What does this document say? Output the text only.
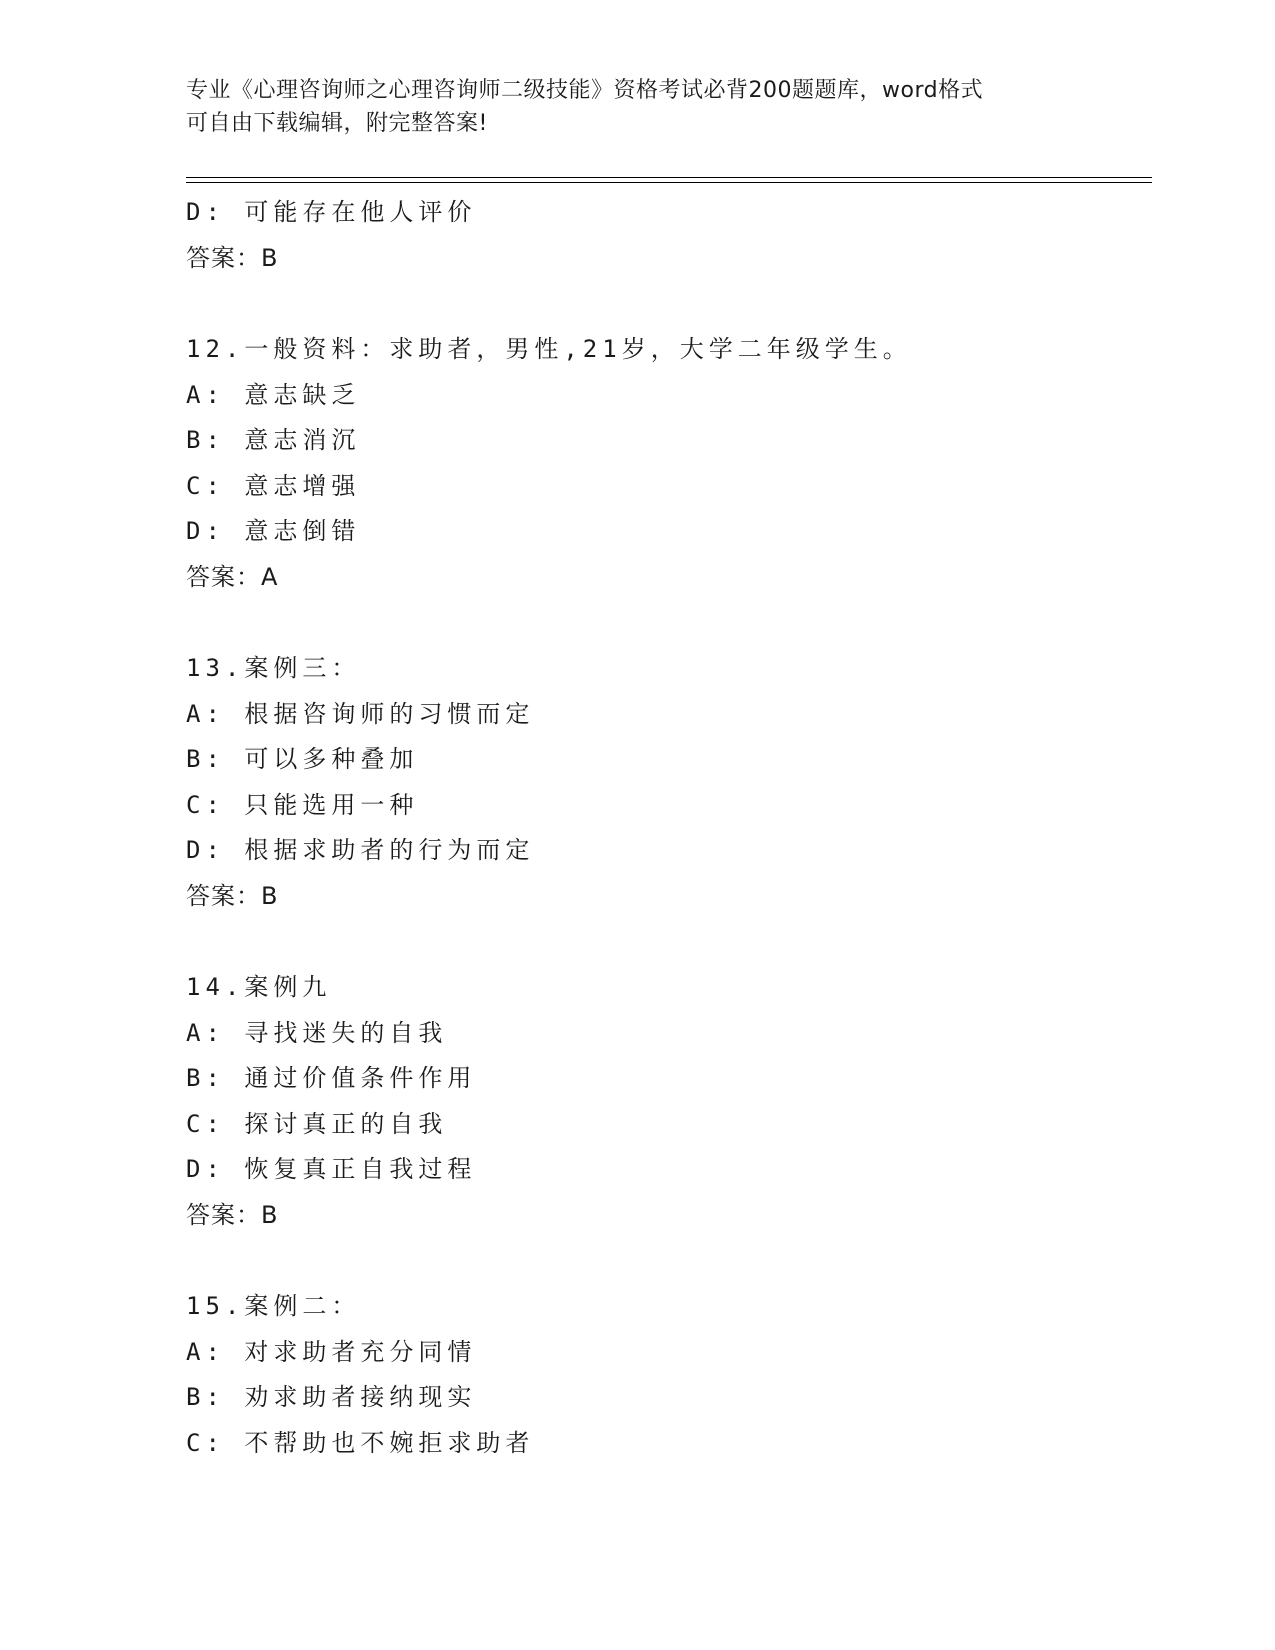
专业《心理咨询师之心理咨询师二级技能》资格考试必背200题题库，word格式
可自由下载编辑，附完整答案!
D: 可能存在他人评价
答案：B
12.一般资料：求助者，男性,21岁，大学二年级学生。
A: 意志缺乏
B: 意志消沉
C: 意志增强
D: 意志倒错
答案：A
13.案例三：
A: 根据咨询师的习惯而定
B: 可以多种叠加
C: 只能选用一种
D: 根据求助者的行为而定
答案：B
14.案例九
A: 寻找迷失的自我
B: 通过价值条件作用
C: 探讨真正的自我
D: 恢复真正自我过程
答案：B
15.案例二：
A: 对求助者充分同情
B: 劝求助者接纳现实
C: 不帮助也不婉拒求助者
